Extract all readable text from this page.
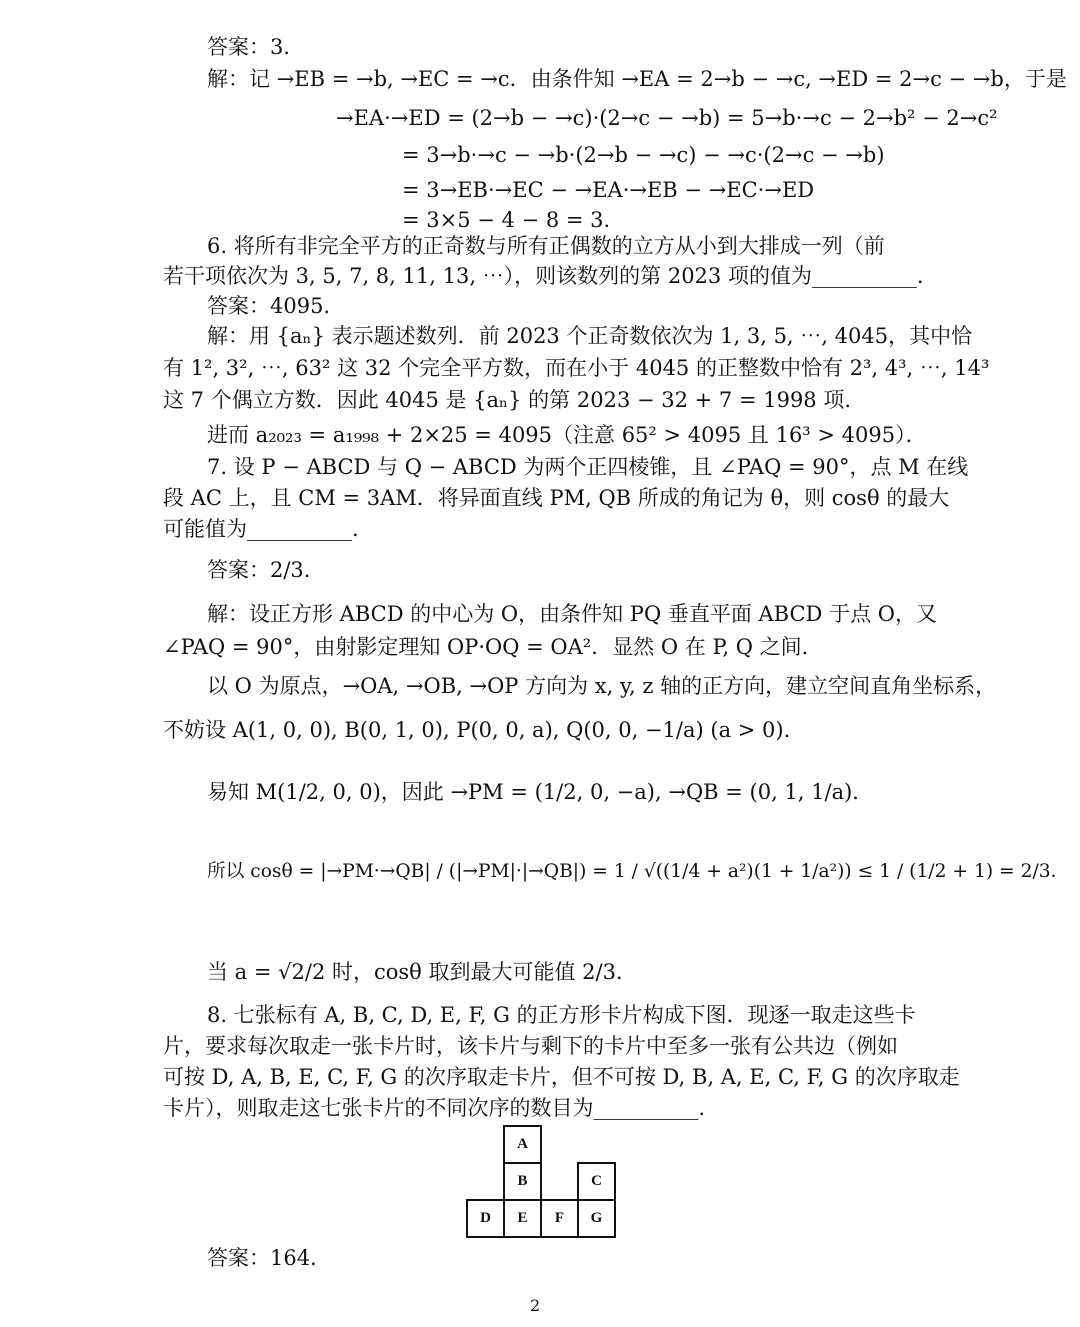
答案：3．
解：记 →EB = →b, →EC = →c．由条件知 →EA = 2→b − →c, →ED = 2→c − →b，于是
→EA·→ED = (2→b − →c)·(2→c − →b) = 5→b·→c − 2→b² − 2→c²
= 3→b·→c − →b·(2→b − →c) − →c·(2→c − →b)
= 3→EB·→EC − →EA·→EB − →EC·→ED
= 3×5 − 4 − 8 = 3．
6. 将所有非完全平方的正奇数与所有正偶数的立方从小到大排成一列（前
若干项依次为 3, 5, 7, 8, 11, 13, ⋯），则该数列的第 2023 项的值为__________．
答案：4095．
解：用 {aₙ} 表示题述数列．前 2023 个正奇数依次为 1, 3, 5, ⋯, 4045，其中恰
有 1², 3², ⋯, 63² 这 32 个完全平方数，而在小于 4045 的正整数中恰有 2³, 4³, ⋯, 14³
这 7 个偶立方数．因此 4045 是 {aₙ} 的第 2023 − 32 + 7 = 1998 项．
进而 a₂₀₂₃ = a₁₉₉₈ + 2×25 = 4095（注意 65² > 4095 且 16³ > 4095）．
7. 设 P − ABCD 与 Q − ABCD 为两个正四棱锥，且 ∠PAQ = 90°，点 M 在线
段 AC 上，且 CM = 3AM．将异面直线 PM, QB 所成的角记为 θ，则 cosθ 的最大
可能值为__________．
答案：2/3．
解：设正方形 ABCD 的中心为 O，由条件知 PQ 垂直平面 ABCD 于点 O，又
∠PAQ = 90°，由射影定理知 OP·OQ = OA²．显然 O 在 P, Q 之间．
以 O 为原点，→OA, →OB, →OP 方向为 x, y, z 轴的正方向，建立空间直角坐标系，
不妨设 A(1, 0, 0), B(0, 1, 0), P(0, 0, a), Q(0, 0, −1/a) (a > 0)．
易知 M(1/2, 0, 0)，因此 →PM = (1/2, 0, −a), →QB = (0, 1, 1/a)．
所以 cosθ = |→PM·→QB| / (|→PM|·|→QB|) = 1 / √((1/4 + a²)(1 + 1/a²)) ≤ 1 / (1/2 + 1) = 2/3．
当 a = √2/2 时，cosθ 取到最大可能值 2/3．
8. 七张标有 A, B, C, D, E, F, G 的正方形卡片构成下图．现逐一取走这些卡
片，要求每次取走一张卡片时，该卡片与剩下的卡片中至多一张有公共边（例如
可按 D, A, B, E, C, F, G 的次序取走卡片，但不可按 D, B, A, E, C, F, G 的次序取走
卡片），则取走这七张卡片的不同次序的数目为__________．
A
B	C
D	E	F	G
答案：164．
2
